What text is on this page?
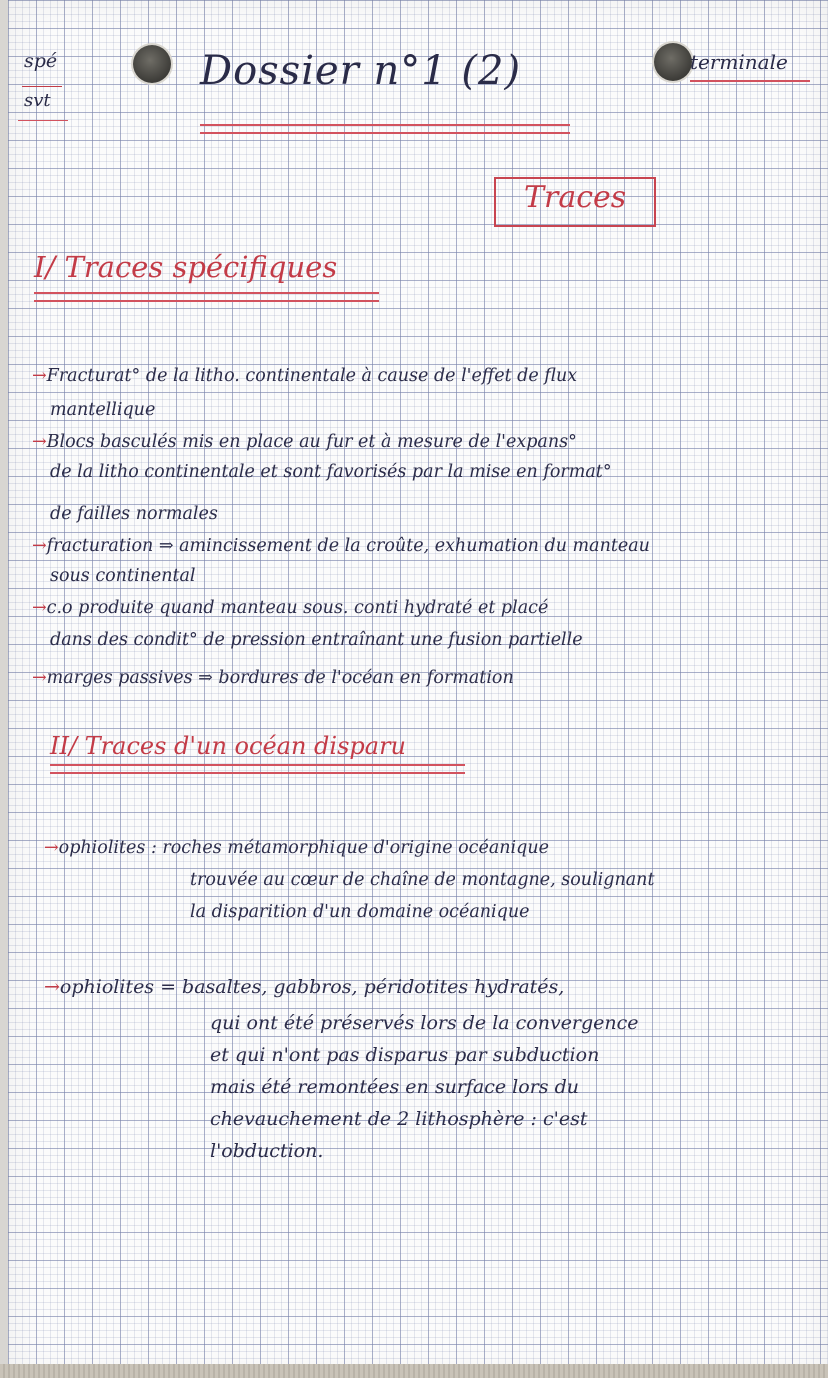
spé
svt
Dossier n°1 (2)	terminale
Traces
I/ Traces spécifiques
→Fracturat° de la litho. continentale à cause de l'effet de flux
mantellique
→Blocs basculés mis en place au fur et à mesure de l'expans°
de la litho continentale et sont favorisés par la mise en format°
de failles normales
→fracturation ⇒ amincissement de la croûte, exhumation du manteau
sous continental
→c.o produite quand manteau sous. conti hydraté et placé
dans des condit° de pression entraînant une fusion partielle
→marges passives ⇒ bordures de l'océan en formation
II/ Traces d'un océan disparu
→ophiolites : roches métamorphique d'origine océanique
trouvée au cœur de chaîne de montagne, soulignant
la disparition d'un domaine océanique
→ophiolites = basaltes, gabbros, péridotites hydratés,
qui ont été préservés lors de la convergence
et qui n'ont pas disparus par subduction
mais été remontées en surface lors du
chevauchement de 2 lithosphère : c'est
l'obduction.
